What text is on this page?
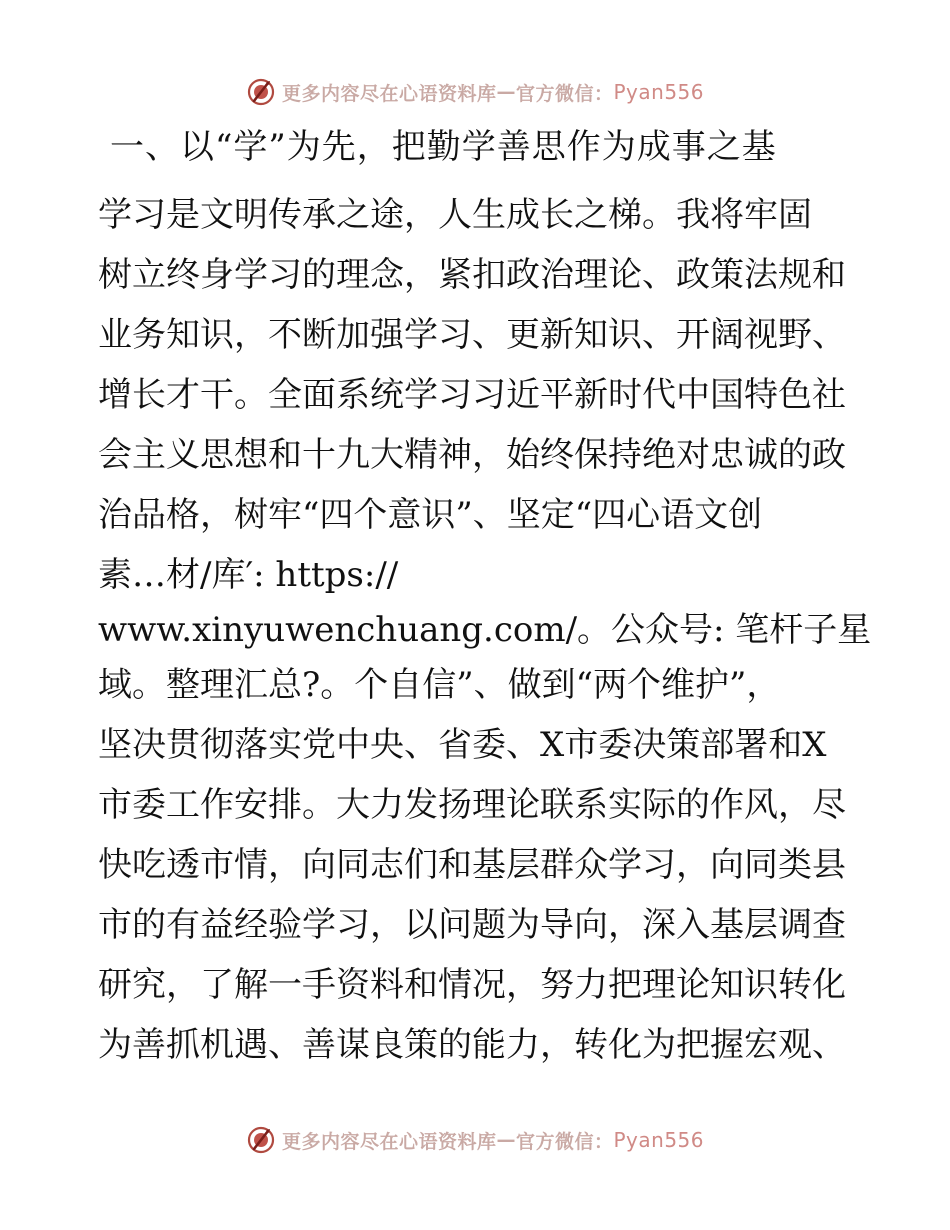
更多内容尽在心语资料库 — 官方微信： Pyan556
一、以“学”为先，把勤学善思作为成事之基
学习是文明传承之途，人生成长之梯。我将牢固
树立终身学习的理念，紧扣政治理论、政策法规和
业务知识，不断加强学习、更新知识、开阔视野、
增长才干。全面系统学习习近平新时代中国特色社
会主义思想和十九大精神，始终保持绝对忠诚的政
治品格，树牢“四个意识”、坚定“四心语文创
素…材/库′: https://
www.xinyuwenchuang.com/。公众号: 笔杆子星
域。整理汇总?。个自信”、做到“两个维护”，
坚决贯彻落实党中央、省委、X市委决策部署和X
市委工作安排。大力发扬理论联系实际的作风，尽
快吃透市情，向同志们和基层群众学习，向同类县
市的有益经验学习，以问题为导向，深入基层调查
研究，了解一手资料和情况，努力把理论知识转化
为善抓机遇、善谋良策的能力，转化为把握宏观、
更多内容尽在心语资料库 — 官方微信： Pyan556
